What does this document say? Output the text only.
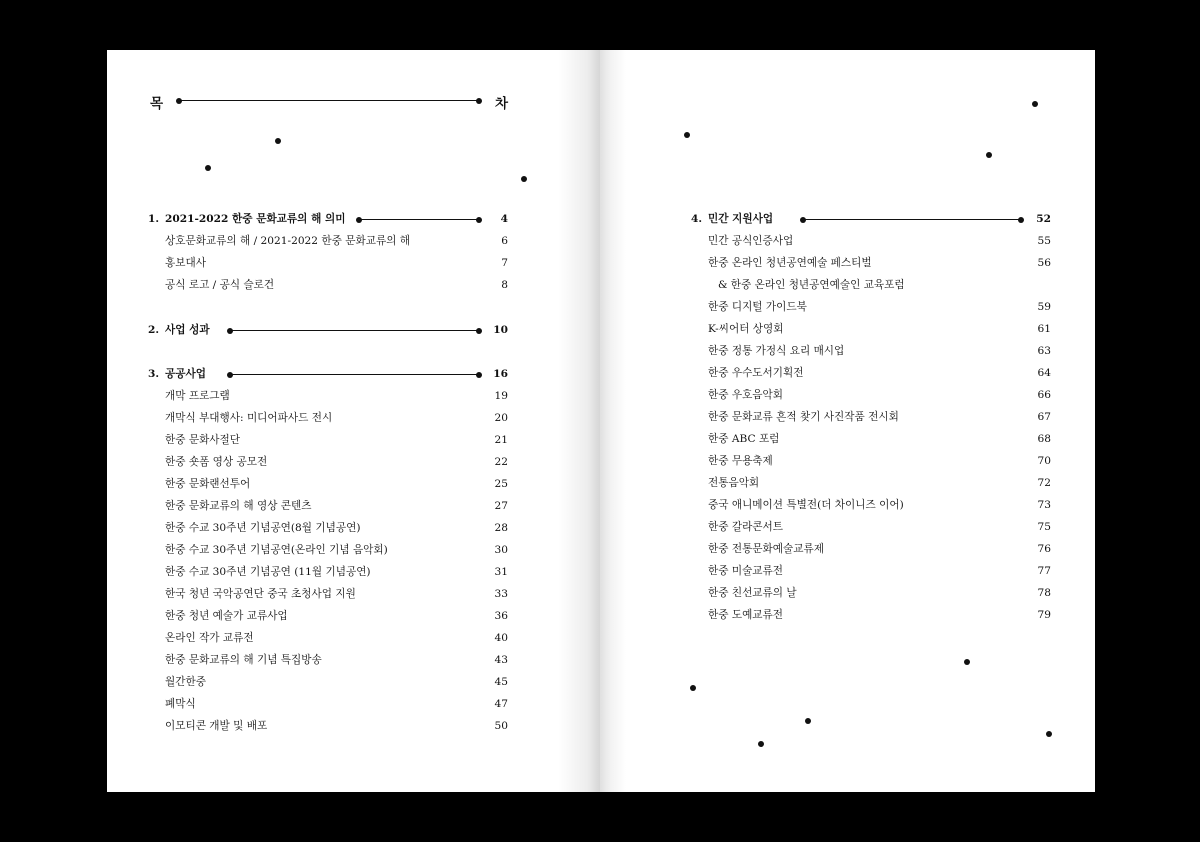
목	차
1. 2021-2022 한중 문화교류의 해 의미	4
상호문화교류의 해 / 2021-2022 한중 문화교류의 해	6
홍보대사	7
공식 로고 / 공식 슬로건	8
2. 사업 성과	10
3. 공공사업	16
개막 프로그램	19
개막식 부대행사: 미디어파사드 전시	20
한중 문화사절단	21
한중 숏폼 영상 공모전	22
한중 문화랜선투어	25
한중 문화교류의 해 영상 콘텐츠	27
한중 수교 30주년 기념공연(8월 기념공연)	28
한중 수교 30주년 기념공연(온라인 기념 음악회)	30
한중 수교 30주년 기념공연 (11월 기념공연)	31
한국 청년 국악공연단 중국 초청사업 지원	33
한중 청년 예술가 교류사업	36
온라인 작가 교류전	40
한중 문화교류의 해 기념 특집방송	43
월간한중	45
폐막식	47
이모티콘 개발 및 배포	50
4. 민간 지원사업	52
민간 공식인증사업	55
한중 온라인 청년공연예술 페스티벌	56
& 한중 온라인 청년공연예술인 교육포럼
한중 디지털 가이드북	59
K-씨어터 상영회	61
한중 정통 가정식 요리 매시업	63
한중 우수도서기획전	64
한중 우호음악회	66
한중 문화교류 흔적 찾기 사진작품 전시회	67
한중 ABC 포럼	68
한중 무용축제	70
전통음악회	72
중국 애니메이션 특별전(더 차이니즈 이어)	73
한중 갈라콘서트	75
한중 전통문화예술교류제	76
한중 미술교류전	77
한중 친선교류의 날	78
한중 도예교류전	79
